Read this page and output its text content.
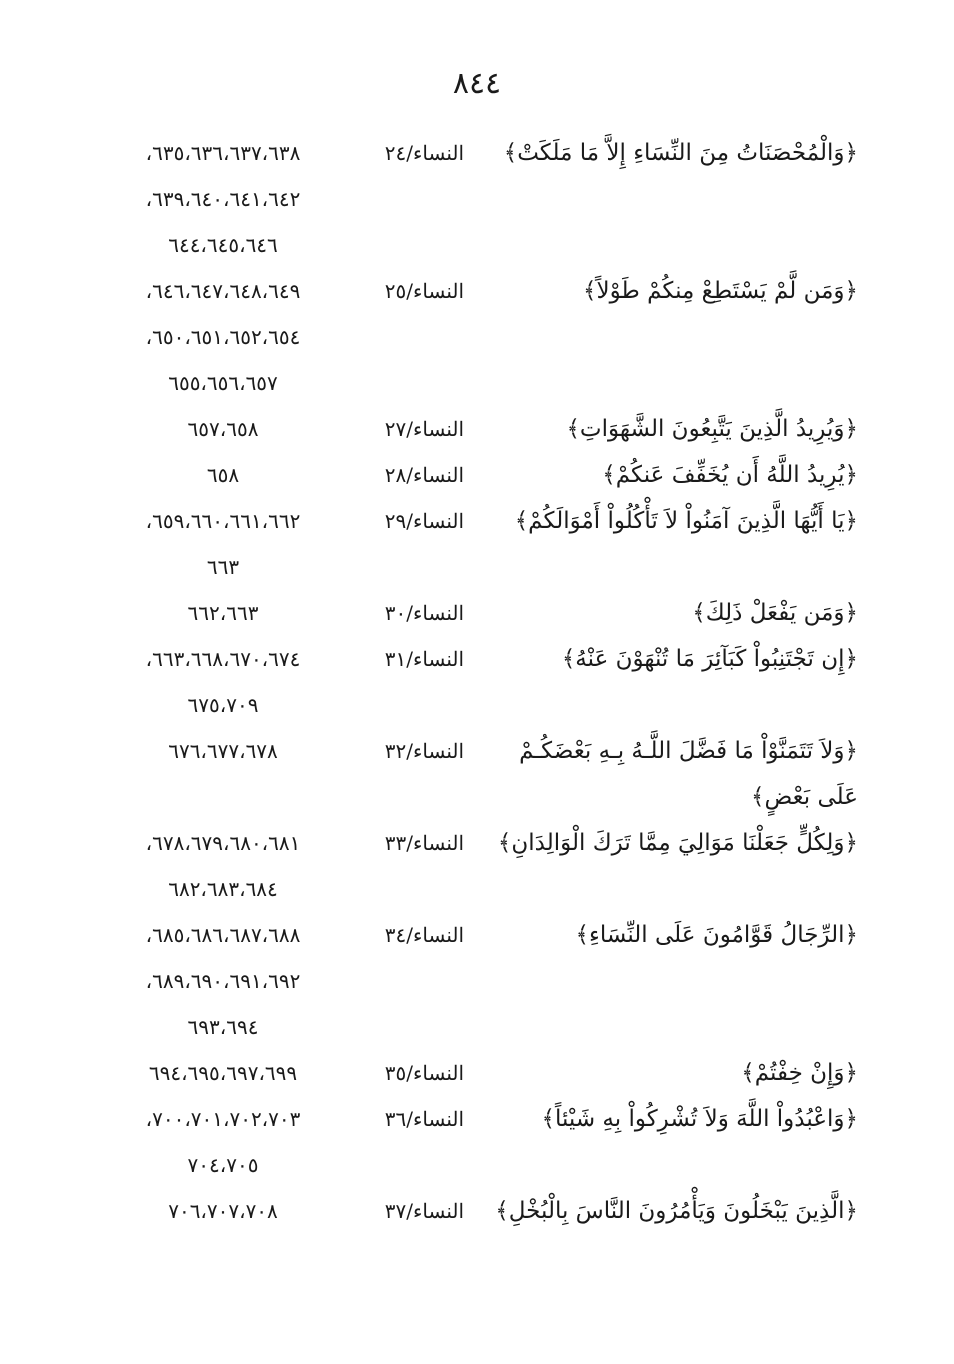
٨٤٤
﴿وَالْمُحْصَنَاتُ مِنَ النِّسَاءِ إِلاَّ مَا مَلَكَتْ﴾
النساء/٢٤
٦٣٥،٦٣٦،٦٣٧،٦٣٨،
٦٣٩،٦٤٠،٦٤١،٦٤٢،
٦٤٤،٦٤٥،٦٤٦
﴿وَمَن لَّمْ يَسْتَطِعْ مِنكُمْ طَوْلاً﴾
النساء/٢٥
٦٤٦،٦٤٧،٦٤٨،٦٤٩،
٦٥٠،٦٥١،٦٥٢،٦٥٤،
٦٥٥،٦٥٦،٦٥٧
﴿وَيُرِيدُ الَّذِينَ يَتَّبِعُونَ الشَّهَوَاتِ﴾
النساء/٢٧
٦٥٧،٦٥٨
﴿يُرِيدُ اللَّهُ أَن يُخَفِّفَ عَنكُمْ﴾
النساء/٢٨
٦٥٨
﴿يَا أَيُّهَا الَّذِينَ آمَنُواْ لاَ تَأْكُلُواْ أَمْوَالَكُمْ﴾
النساء/٢٩
٦٥٩،٦٦٠،٦٦١،٦٦٢،
٦٦٣
﴿وَمَن يَفْعَلْ ذَلِكَ﴾
النساء/٣٠
٦٦٢،٦٦٣
﴿إِن تَجْتَنِبُواْ كَبَآئِرَ مَا تُنْهَوْنَ عَنْهُ﴾
النساء/٣١
٦٦٣،٦٦٨،٦٧٠،٦٧٤،
٦٧٥،٧٠٩
﴿وَلاَ تَتَمَنَّوْاْ مَا فَضَّلَ اللَّـهُ بِـهِ بَعْضَكُـمْ عَلَى بَعْضٍ﴾
النساء/٣٢
٦٧٦،٦٧٧،٦٧٨
﴿وَلِكُلٍّ جَعَلْنَا مَوَالِيَ مِمَّا تَرَكَ الْوَالِدَانِ﴾
النساء/٣٣
٦٧٨،٦٧٩،٦٨٠،٦٨١،
٦٨٢،٦٨٣،٦٨٤
﴿الرِّجَالُ قَوَّامُونَ عَلَى النِّسَاءِ﴾
النساء/٣٤
٦٨٥،٦٨٦،٦٨٧،٦٨٨،
٦٨٩،٦٩٠،٦٩١،٦٩٢،
٦٩٣،٦٩٤
﴿وَإِنْ خِفْتُمْ﴾
النساء/٣٥
٦٩٤،٦٩٥،٦٩٧،٦٩٩
﴿وَاعْبُدُواْ اللَّهَ وَلاَ تُشْرِكُواْ بِهِ شَيْئاً﴾
النساء/٣٦
٧٠٠،٧٠١،٧٠٢،٧٠٣،
٧٠٤،٧٠٥
﴿الَّذِينَ يَبْخَلُونَ وَيَأْمُرُونَ النَّاسَ بِالْبُخْلِ﴾
النساء/٣٧
٧٠٦،٧٠٧،٧٠٨
